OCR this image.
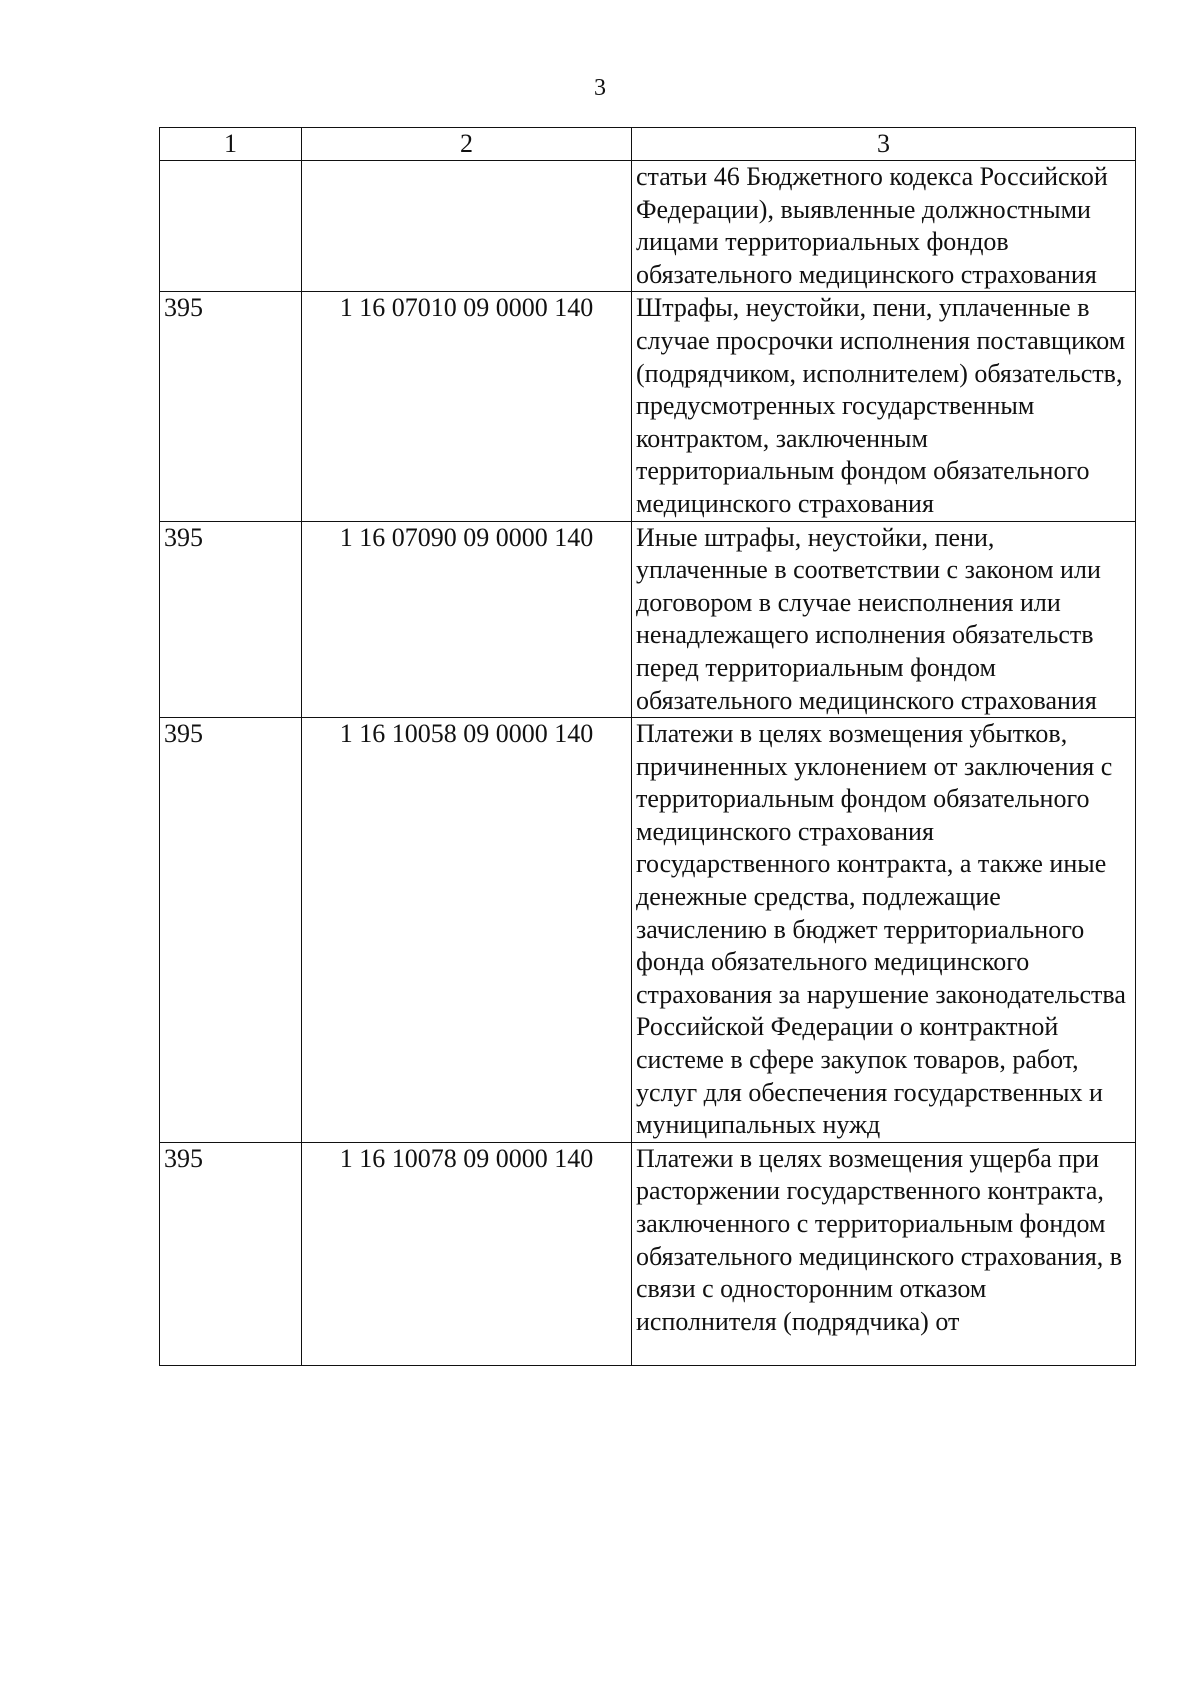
3
1	2	3
		статьи 46 Бюджетного кодекса Российской Федерации), выявленные должностными лицами территориальных фондов обязательного медицинского страхования
395	1 16 07010 09 0000 140	Штрафы, неустойки, пени, уплаченные в случае просрочки исполнения поставщиком (подрядчиком, исполнителем) обязательств, предусмотренных государственным контрактом, заключенным территориальным фондом обязательного медицинского страхования
395	1 16 07090 09 0000 140	Иные штрафы, неустойки, пени, уплаченные в соответствии с законом или договором в случае неисполнения или ненадлежащего исполнения обязательств перед территориальным фондом обязательного медицинского страхования
395	1 16 10058 09 0000 140	Платежи в целях возмещения убытков, причиненных уклонением от заключения с территориальным фондом обязательного медицинского страхования государственного контракта, а также иные денежные средства, подлежащие зачислению в бюджет территориального фонда обязательного медицинского страхования за нарушение законодательства Российской Федерации о контрактной системе в сфере закупок товаров, работ, услуг для обеспечения государственных и муниципальных нужд
395	1 16 10078 09 0000 140	Платежи в целях возмещения ущерба при расторжении государственного контракта, заключенного с территориальным фондом обязательного медицинского страхования, в связи с односторонним отказом исполнителя (подрядчика) от
